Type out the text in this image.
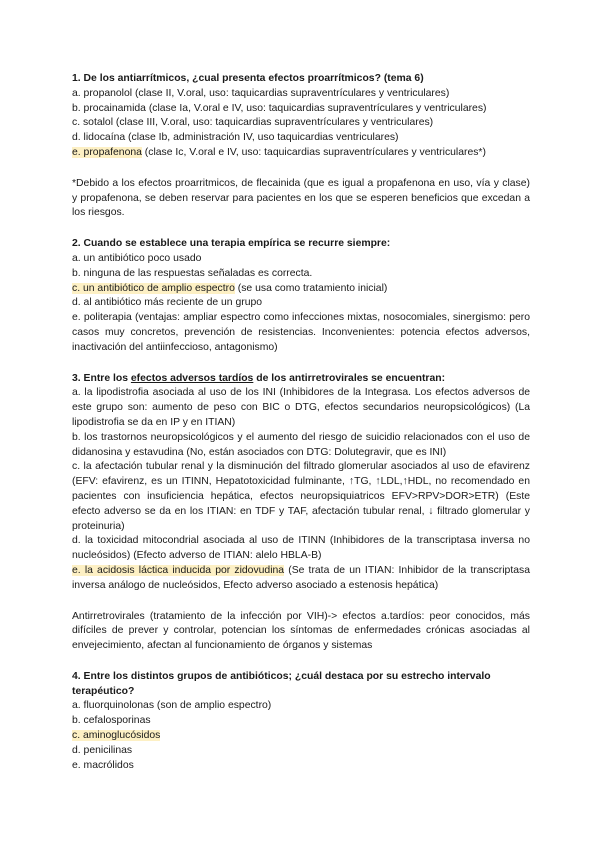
1. De los antiarrítmicos, ¿cual presenta efectos proarrítmicos? (tema 6)
a. propanolol (clase II, V.oral, uso: taquicardias supraventrículares y ventriculares)
b. procainamida (clase Ia, V.oral e IV, uso: taquicardias supraventrículares y ventriculares)
c. sotalol (clase III, V.oral, uso: taquicardias supraventrículares y ventriculares)
d. lidocaína (clase Ib, administración IV, uso taquicardias ventriculares)
e. propafenona (clase Ic, V.oral e IV, uso: taquicardias supraventrículares y ventriculares*)
*Debido a los efectos proarritmicos, de flecainida (que es igual a propafenona en uso, vía y clase) y propafenona, se deben reservar para pacientes en los que se esperen beneficios que excedan a los riesgos.
2. Cuando se establece una terapia empírica se recurre siempre:
a. un antibiótico poco usado
b. ninguna de las respuestas señaladas es correcta.
c. un antibiótico de amplio espectro (se usa como tratamiento inicial)
d. al antibiótico más reciente de un grupo
e. politerapia (ventajas: ampliar espectro como infecciones mixtas, nosocomiales, sinergismo: pero casos muy concretos, prevención de resistencias. Inconvenientes: potencia efectos adversos, inactivación del antiinfeccioso, antagonismo)
3. Entre los efectos adversos tardíos de los antirretrovirales se encuentran:
a. la lipodistrofia asociada al uso de los INI (Inhibidores de la Integrasa. Los efectos adversos de este grupo son: aumento de peso con BIC o DTG, efectos secundarios neuropsicológicos) (La lipodistrofia se da en IP y en ITIAN)
b. los trastornos neuropsicológicos y el aumento del riesgo de suicidio relacionados con el uso de didanosina y estavudina (No, están asociados con DTG: Dolutegravir, que es INI)
c. la afectación tubular renal y la disminución del filtrado glomerular asociados al uso de efavirenz (EFV: efavirenz, es un ITINN, Hepatotoxicidad fulminante, ↑TG, ↑LDL,↑HDL, no recomendado en pacientes con insuficiencia hepática, efectos neuropsiquiatricos EFV>RPV>DOR>ETR) (Este efecto adverso se da en los ITIAN: en TDF y TAF, afectación tubular renal, ↓ filtrado glomerular y proteinuria)
d. la toxicidad mitocondrial asociada al uso de ITINN (Inhibidores de la transcriptasa inversa no nucleósidos) (Efecto adverso de ITIAN: alelo HBLA-B)
e. la acidosis láctica inducida por zidovudina (Se trata de un ITIAN: Inhibidor de la transcriptasa inversa análogo de nucleósidos, Efecto adverso asociado a estenosis hepática)
Antirretrovirales (tratamiento de la infección por VIH)-> efectos a.tardíos: peor conocidos, más difíciles de prever y controlar, potencian los síntomas de enfermedades crónicas asociadas al envejecimiento, afectan al funcionamiento de órganos y sistemas
4. Entre los distintos grupos de antibióticos; ¿cuál destaca por su estrecho intervalo terapéutico?
a. fluorquinolonas (son de amplio espectro)
b. cefalosporinas
c. aminoglucósidos
d. penicilinas
e. macrólidos
